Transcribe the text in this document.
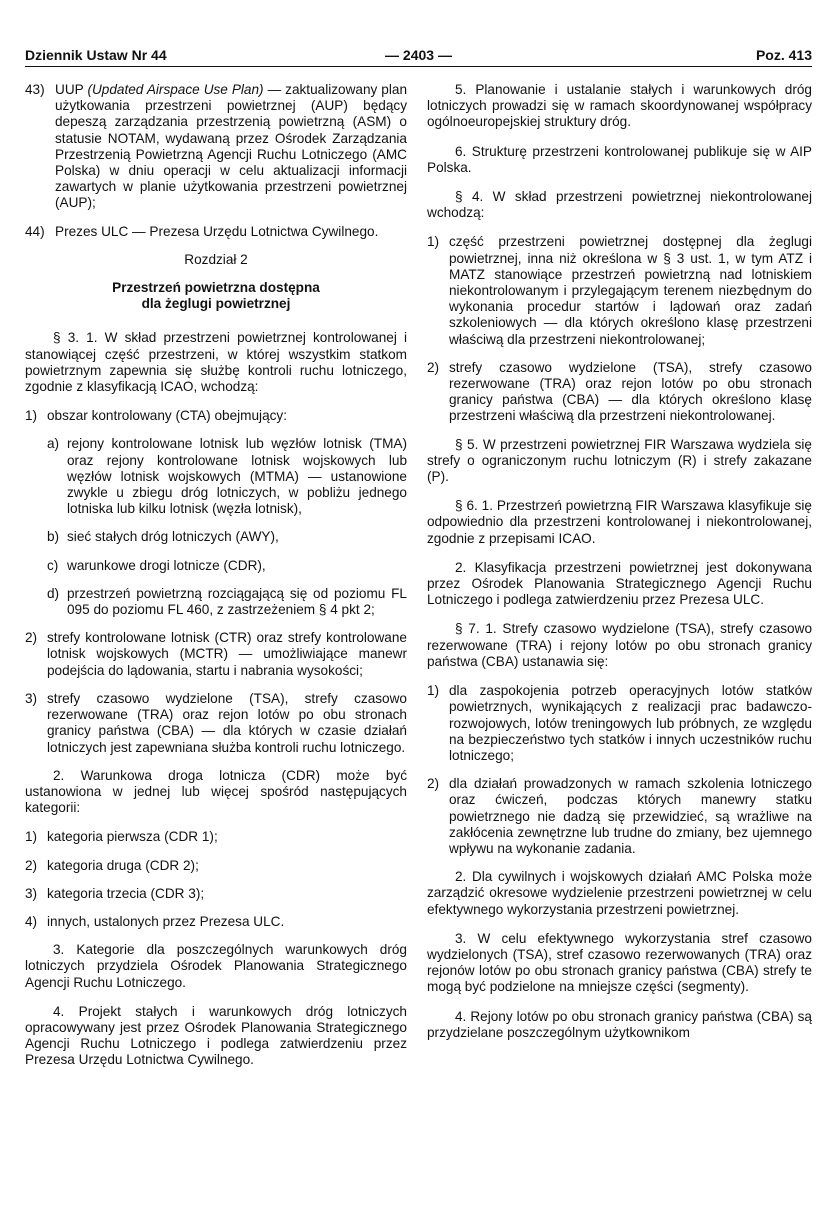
Dziennik Ustaw Nr 44	— 2403 —	Poz. 413
43) UUP (Updated Airspace Use Plan) — zaktualizowany plan użytkowania przestrzeni powietrznej (AUP) będący depeszą zarządzania przestrzenią powietrzną (ASM) o statusie NOTAM, wydawaną przez Ośrodek Zarządzania Przestrzenią Powietrzną Agencji Ruchu Lotniczego (AMC Polska) w dniu operacji w celu aktualizacji informacji zawartych w planie użytkowania przestrzeni powietrznej (AUP);
44) Prezes ULC — Prezesa Urzędu Lotnictwa Cywilnego.
Rozdział 2
Przestrzeń powietrzna dostępna
dla żeglugi powietrznej

§ 3. 1. W skład przestrzeni powietrznej kontrolowanej i stanowiącej część przestrzeni, w której wszystkim statkom powietrznym zapewnia się służbę kontroli ruchu lotniczego, zgodnie z klasyfikacją ICAO, wchodzą:

1) obszar kontrolowany (CTA) obejmujący:
a) rejony kontrolowane lotnisk lub węzłów lotnisk (TMA) oraz rejony kontrolowane lotnisk wojskowych lub węzłów lotnisk wojskowych (MTMA) — ustanowione zwykle u zbiegu dróg lotniczych, w pobliżu jednego lotniska lub kilku lotnisk (węzła lotnisk),
b) sieć stałych dróg lotniczych (AWY),
c) warunkowe drogi lotnicze (CDR),
d) przestrzeń powietrzną rozciągającą się od poziomu FL 095 do poziomu FL 460, z zastrzeżeniem § 4 pkt 2;
2) strefy kontrolowane lotnisk (CTR) oraz strefy kontrolowane lotnisk wojskowych (MCTR) — umożliwiające manewr podejścia do lądowania, startu i nabrania wysokości;
3) strefy czasowo wydzielone (TSA), strefy czasowo rezerwowane (TRA) oraz rejon lotów po obu stronach granicy państwa (CBA) — dla których w czasie działań lotniczych jest zapewniana służba kontroli ruchu lotniczego.

2. Warunkowa droga lotnicza (CDR) może być ustanowiona w jednej lub więcej spośród następujących kategorii:

1) kategoria pierwsza (CDR 1);
2) kategoria druga (CDR 2);
3) kategoria trzecia (CDR 3);
4) innych, ustalonych przez Prezesa ULC.

3. Kategorie dla poszczególnych warunkowych dróg lotniczych przydziela Ośrodek Planowania Strategicznego Agencji Ruchu Lotniczego.

4. Projekt stałych i warunkowych dróg lotniczych opracowywany jest przez Ośrodek Planowania Strategicznego Agencji Ruchu Lotniczego i podlega zatwierdzeniu przez Prezesa Urzędu Lotnictwa Cywilnego.

5. Planowanie i ustalanie stałych i warunkowych dróg lotniczych prowadzi się w ramach skoordynowanej współpracy ogólnoeuropejskiej struktury dróg.

6. Strukturę przestrzeni kontrolowanej publikuje się w AIP Polska.

§ 4. W skład przestrzeni powietrznej niekontrolowanej wchodzą:

1) część przestrzeni powietrznej dostępnej dla żeglugi powietrznej, inna niż określona w § 3 ust. 1, w tym ATZ i MATZ stanowiące przestrzeń powietrzną nad lotniskiem niekontrolowanym i przylegającym terenem niezbędnym do wykonania procedur startów i lądowań oraz zadań szkoleniowych — dla których określono klasę przestrzeni właściwą dla przestrzeni niekontrolowanej;
2) strefy czasowo wydzielone (TSA), strefy czasowo rezerwowane (TRA) oraz rejon lotów po obu stronach granicy państwa (CBA) — dla których określono klasę przestrzeni właściwą dla przestrzeni niekontrolowanej.

§ 5. W przestrzeni powietrznej FIR Warszawa wydziela się strefy o ograniczonym ruchu lotniczym (R) i strefy zakazane (P).

§ 6. 1. Przestrzeń powietrzną FIR Warszawa klasyfikuje się odpowiednio dla przestrzeni kontrolowanej i niekontrolowanej, zgodnie z przepisami ICAO.

2. Klasyfikacja przestrzeni powietrznej jest dokonywana przez Ośrodek Planowania Strategicznego Agencji Ruchu Lotniczego i podlega zatwierdzeniu przez Prezesa ULC.

§ 7. 1. Strefy czasowo wydzielone (TSA), strefy czasowo rezerwowane (TRA) i rejony lotów po obu stronach granicy państwa (CBA) ustanawia się:

1) dla zaspokojenia potrzeb operacyjnych lotów statków powietrznych, wynikających z realizacji prac badawczo-rozwojowych, lotów treningowych lub próbnych, ze względu na bezpieczeństwo tych statków i innych uczestników ruchu lotniczego;
2) dla działań prowadzonych w ramach szkolenia lotniczego oraz ćwiczeń, podczas których manewry statku powietrznego nie dadzą się przewidzieć, są wrażliwe na zakłócenia zewnętrzne lub trudne do zmiany, bez ujemnego wpływu na wykonanie zadania.

2. Dla cywilnych i wojskowych działań AMC Polska może zarządzić okresowe wydzielenie przestrzeni powietrznej w celu efektywnego wykorzystania przestrzeni powietrznej.

3. W celu efektywnego wykorzystania stref czasowo wydzielonych (TSA), stref czasowo rezerwowanych (TRA) oraz rejonów lotów po obu stronach granicy państwa (CBA) strefy te mogą być podzielone na mniejsze części (segmenty).

4. Rejony lotów po obu stronach granicy państwa (CBA) są przydzielane poszczególnym użytkownikom
